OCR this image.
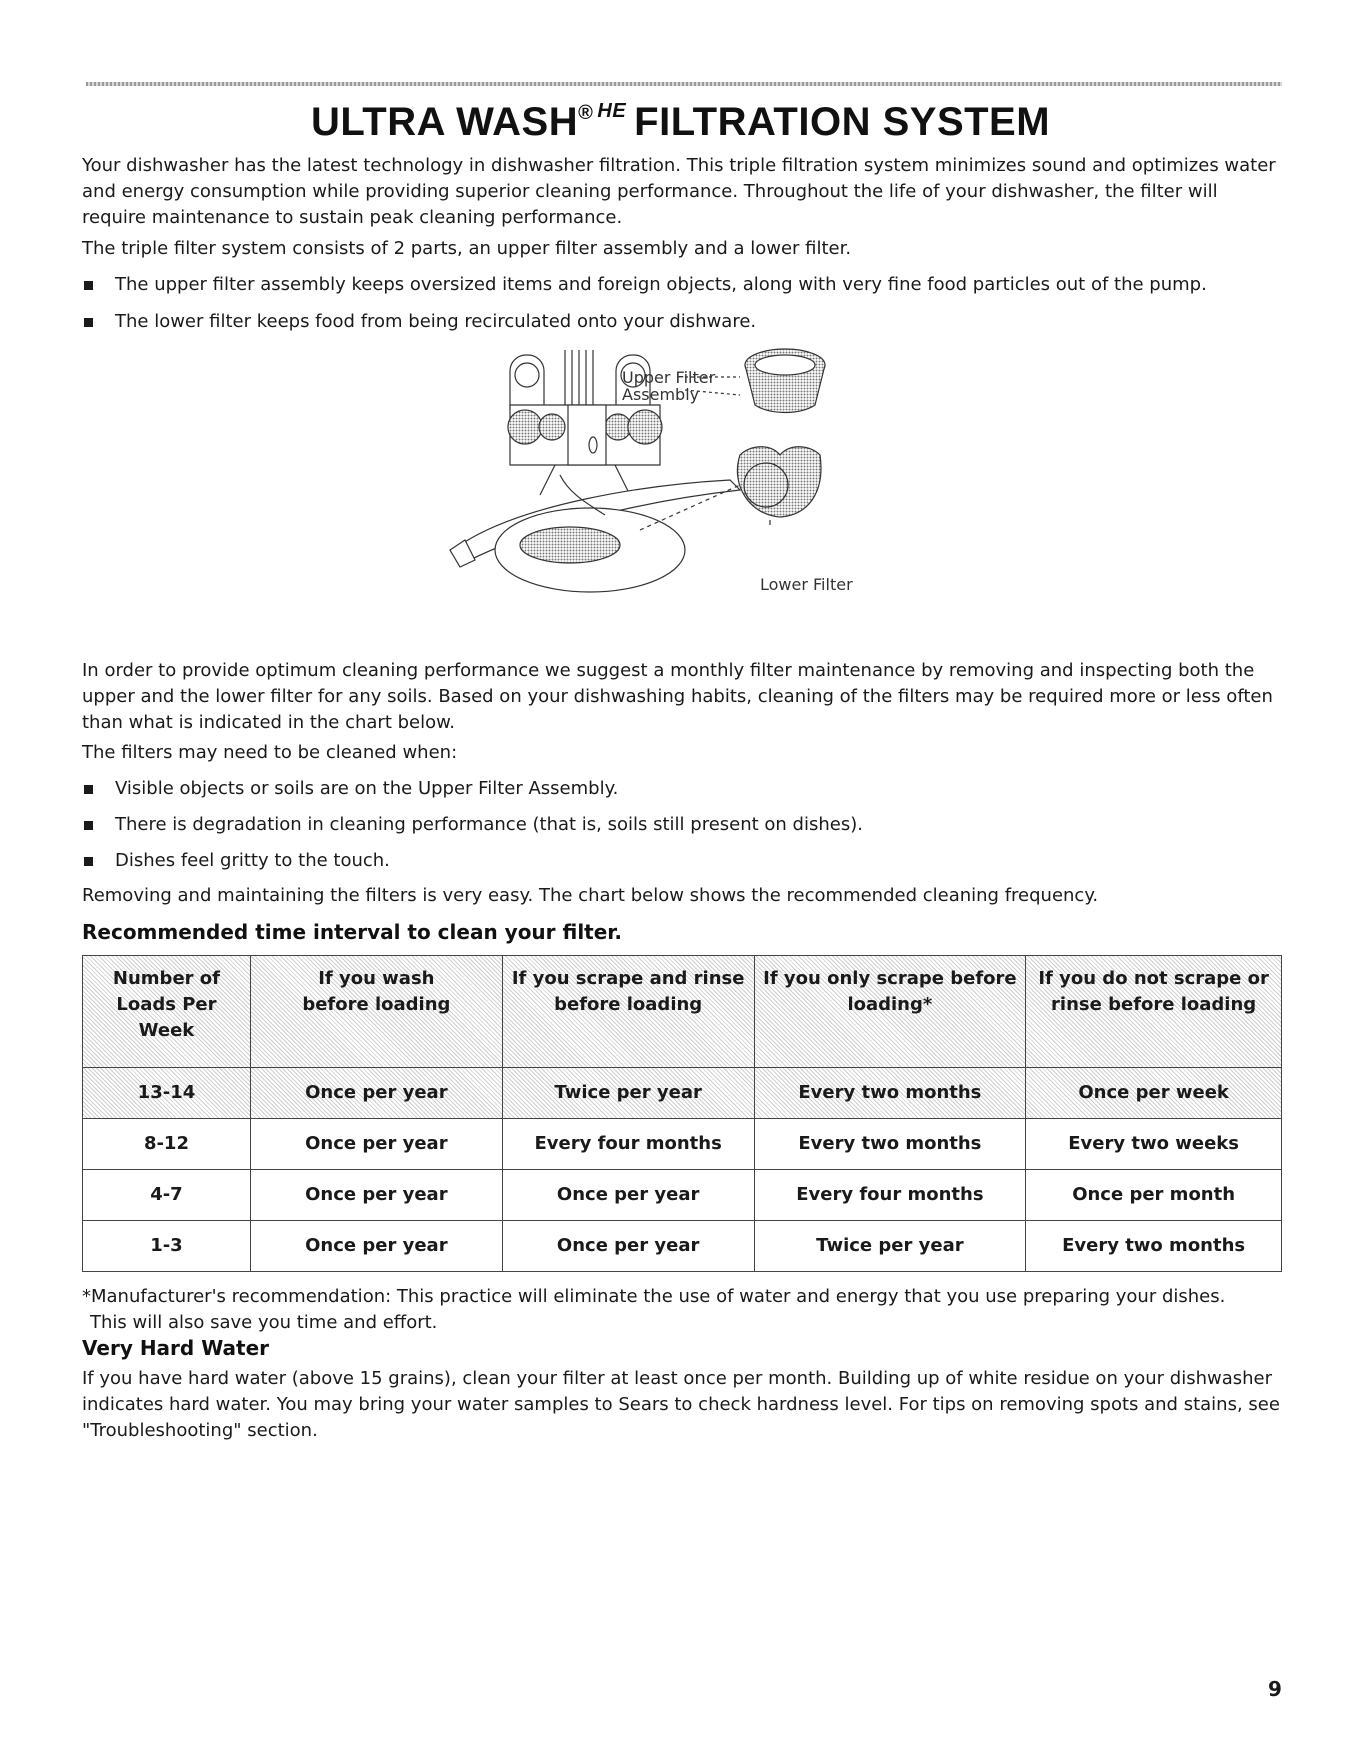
ULTRA WASH® $^{HE}$ FILTRATION SYSTEM

Your dishwasher has the latest technology in dishwasher filtration. This triple filtration system minimizes sound and optimizes water and energy consumption while providing superior cleaning performance. Throughout the life of your dishwasher, the filter will require maintenance to sustain peak cleaning performance.

The triple filter system consists of 2 parts, an upper filter assembly and a lower filter.

The upper filter assembly keeps oversized items and foreign objects, along with very fine food particles out of the pump.
The lower filter keeps food from being recirculated onto your dishware.
Upper Filter
Assembly
Lower Filter

In order to provide optimum cleaning performance we suggest a monthly filter maintenance by removing and inspecting both the upper and the lower filter for any soils. Based on your dishwashing habits, cleaning of the filters may be required more or less often than what is indicated in the chart below.

The filters may need to be cleaned when:

Visible objects or soils are on the Upper Filter Assembly.
There is degradation in cleaning performance (that is, soils still present on dishes).
Dishes feel gritty to the touch.

Removing and maintaining the filters is very easy. The chart below shows the recommended cleaning frequency.

Recommended time interval to clean your filter.
Number of Loads Per Week	If you wash before loading	If you scrape and rinse before loading	If you only scrape before loading*	If you do not scrape or rinse before loading
13-14	Once per year	Twice per year	Every two months	Once per week
8-12	Once per year	Every four months	Every two months	Every two weeks
4-7	Once per year	Once per year	Every four months	Once per month
1-3	Once per year	Once per year	Twice per year	Every two months

*Manufacturer's recommendation: This practice will eliminate the use of water and energy that you use preparing your dishes.

This will also save you time and effort.

Very Hard Water

If you have hard water (above 15 grains), clean your filter at least once per month. Building up of white residue on your dishwasher indicates hard water. You may bring your water samples to Sears to check hardness level. For tips on removing spots and stains, see "Troubleshooting" section.

9
